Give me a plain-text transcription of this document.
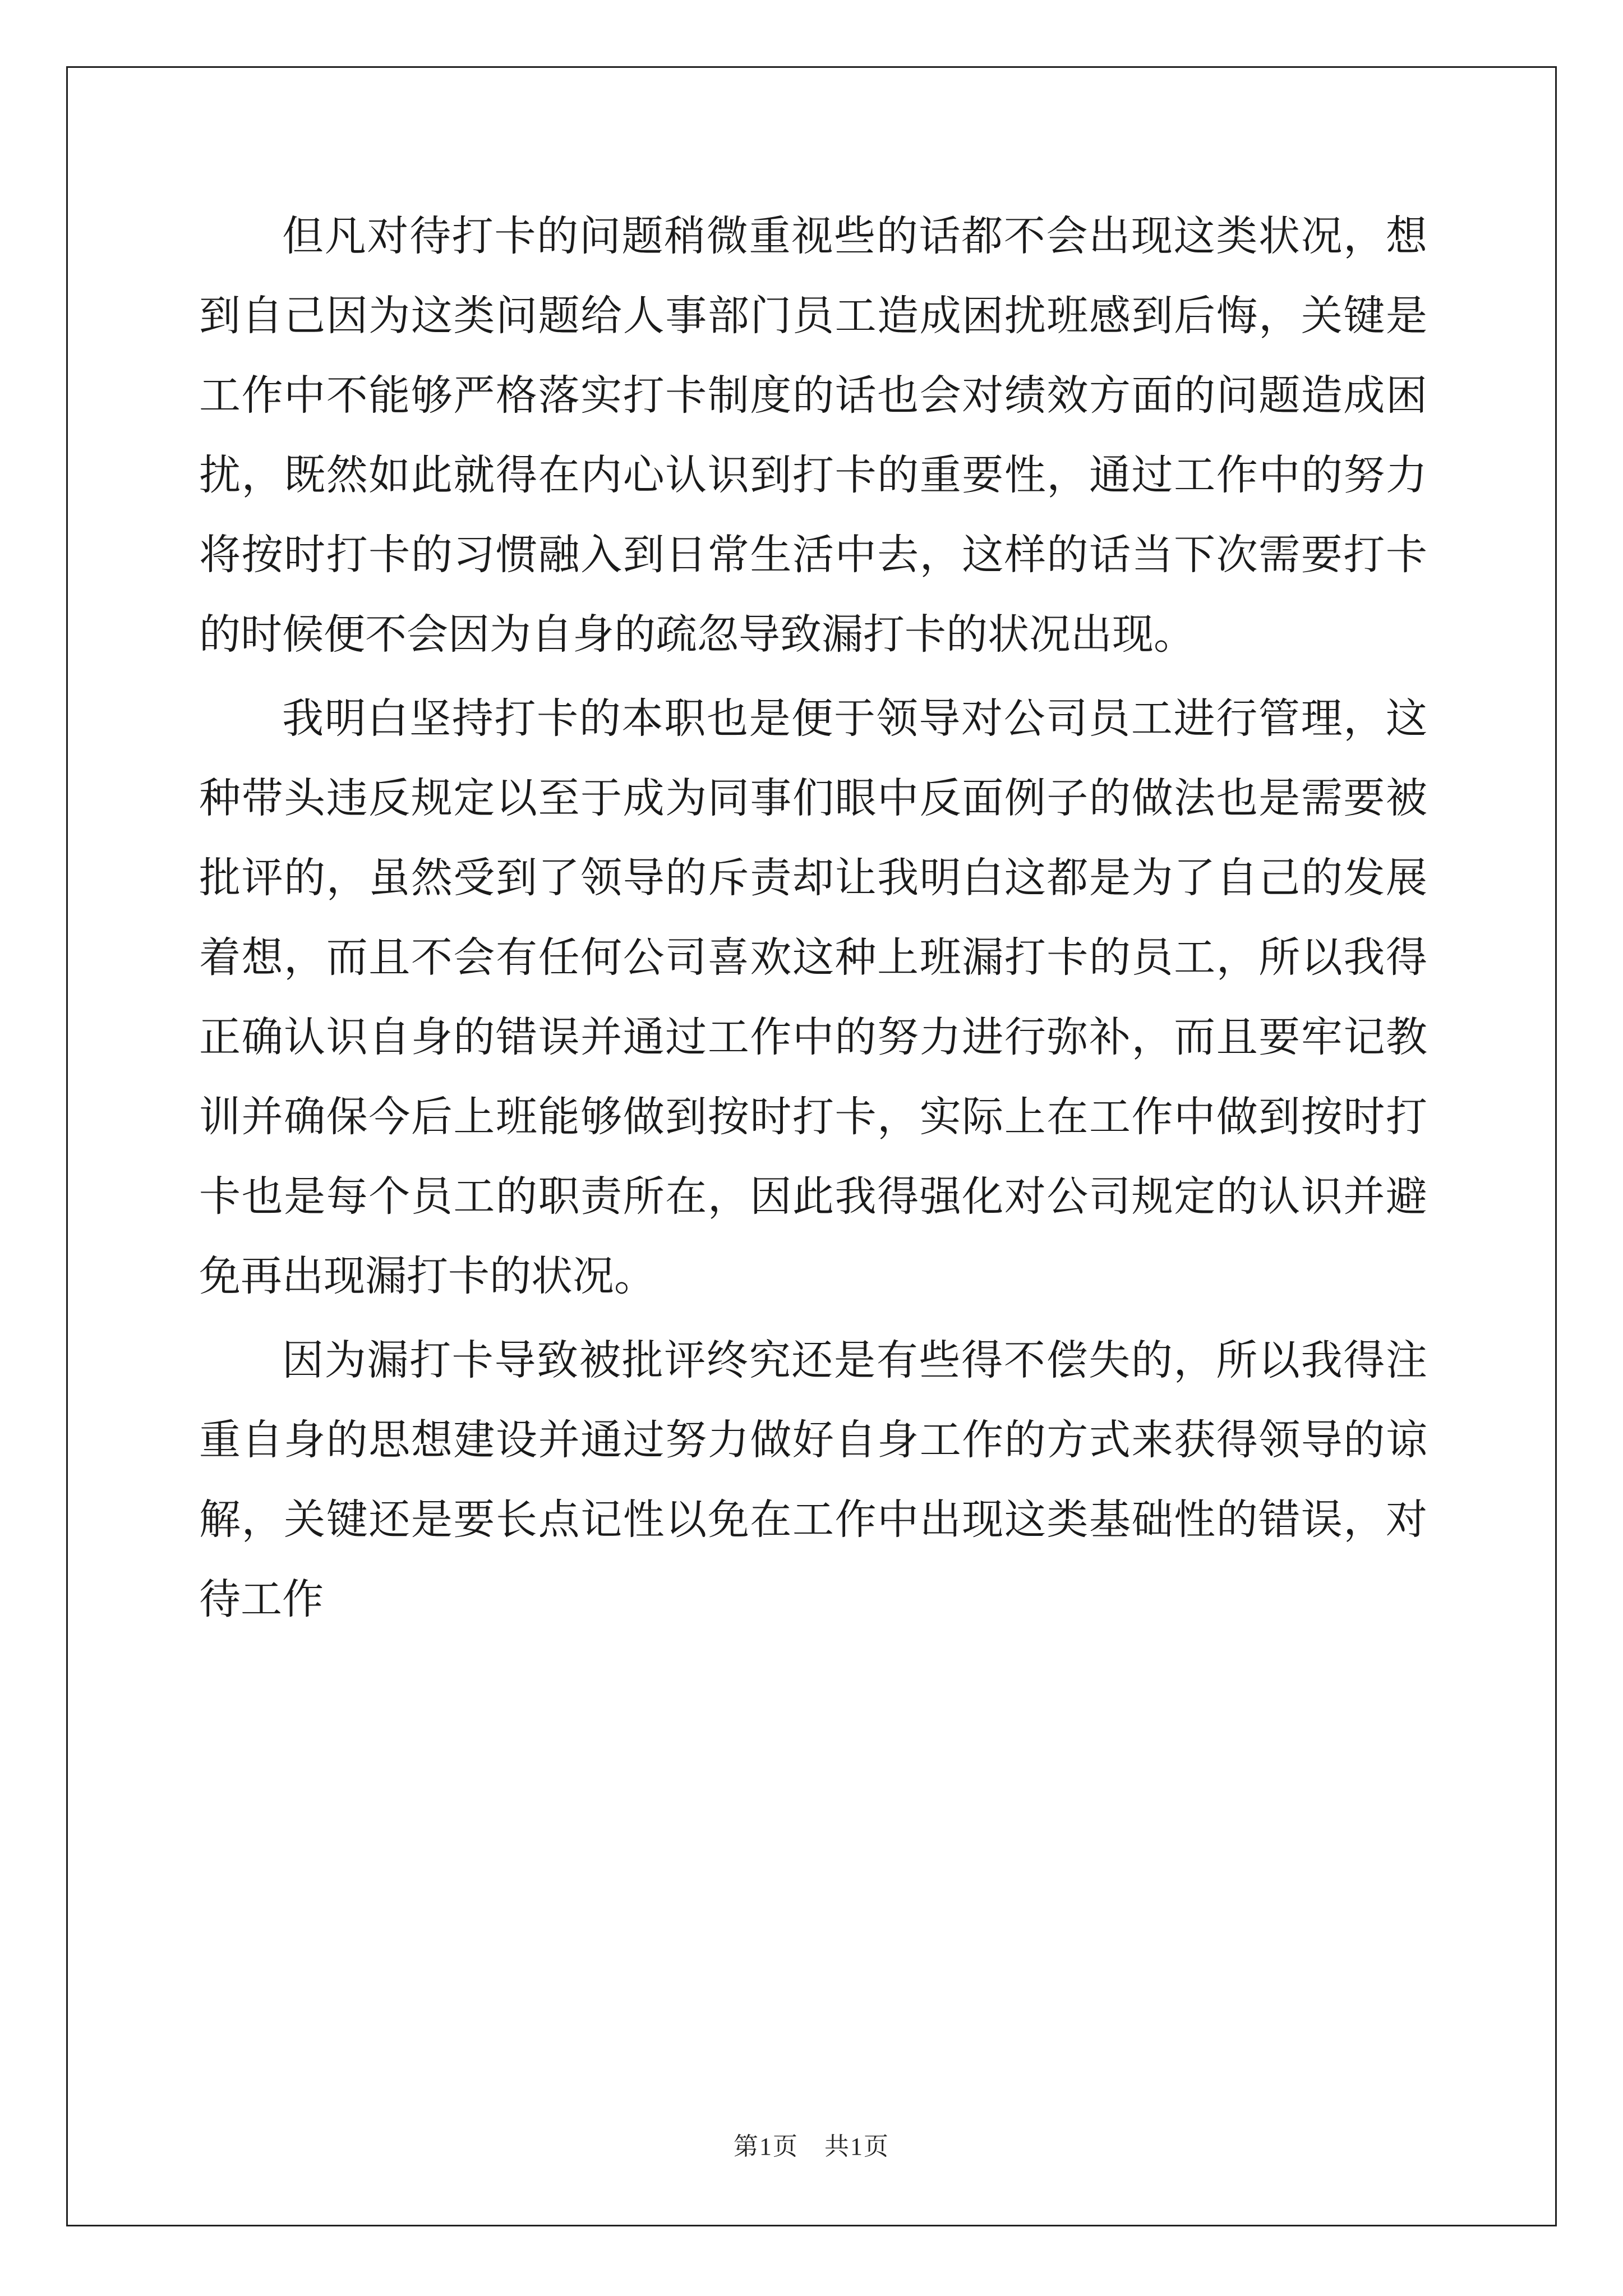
但凡对待打卡的问题稍微重视些的话都不会出现这类状况，想到自己因为这类问题给人事部门员工造成困扰班感到后悔，关键是工作中不能够严格落实打卡制度的话也会对绩效方面的问题造成困扰，既然如此就得在内心认识到打卡的重要性，通过工作中的努力将按时打卡的习惯融入到日常生活中去，这样的话当下次需要打卡的时候便不会因为自身的疏忽导致漏打卡的状况出现。

我明白坚持打卡的本职也是便于领导对公司员工进行管理，这种带头违反规定以至于成为同事们眼中反面例子的做法也是需要被批评的，虽然受到了领导的斥责却让我明白这都是为了自己的发展着想，而且不会有任何公司喜欢这种上班漏打卡的员工，所以我得正确认识自身的错误并通过工作中的努力进行弥补，而且要牢记教训并确保今后上班能够做到按时打卡，实际上在工作中做到按时打卡也是每个员工的职责所在，因此我得强化对公司规定的认识并避免再出现漏打卡的状况。

因为漏打卡导致被批评终究还是有些得不偿失的，所以我得注重自身的思想建设并通过努力做好自身工作的方式来获得领导的谅解，关键还是要长点记性以免在工作中出现这类基础性的错误，对待工作

第1页　共1页
